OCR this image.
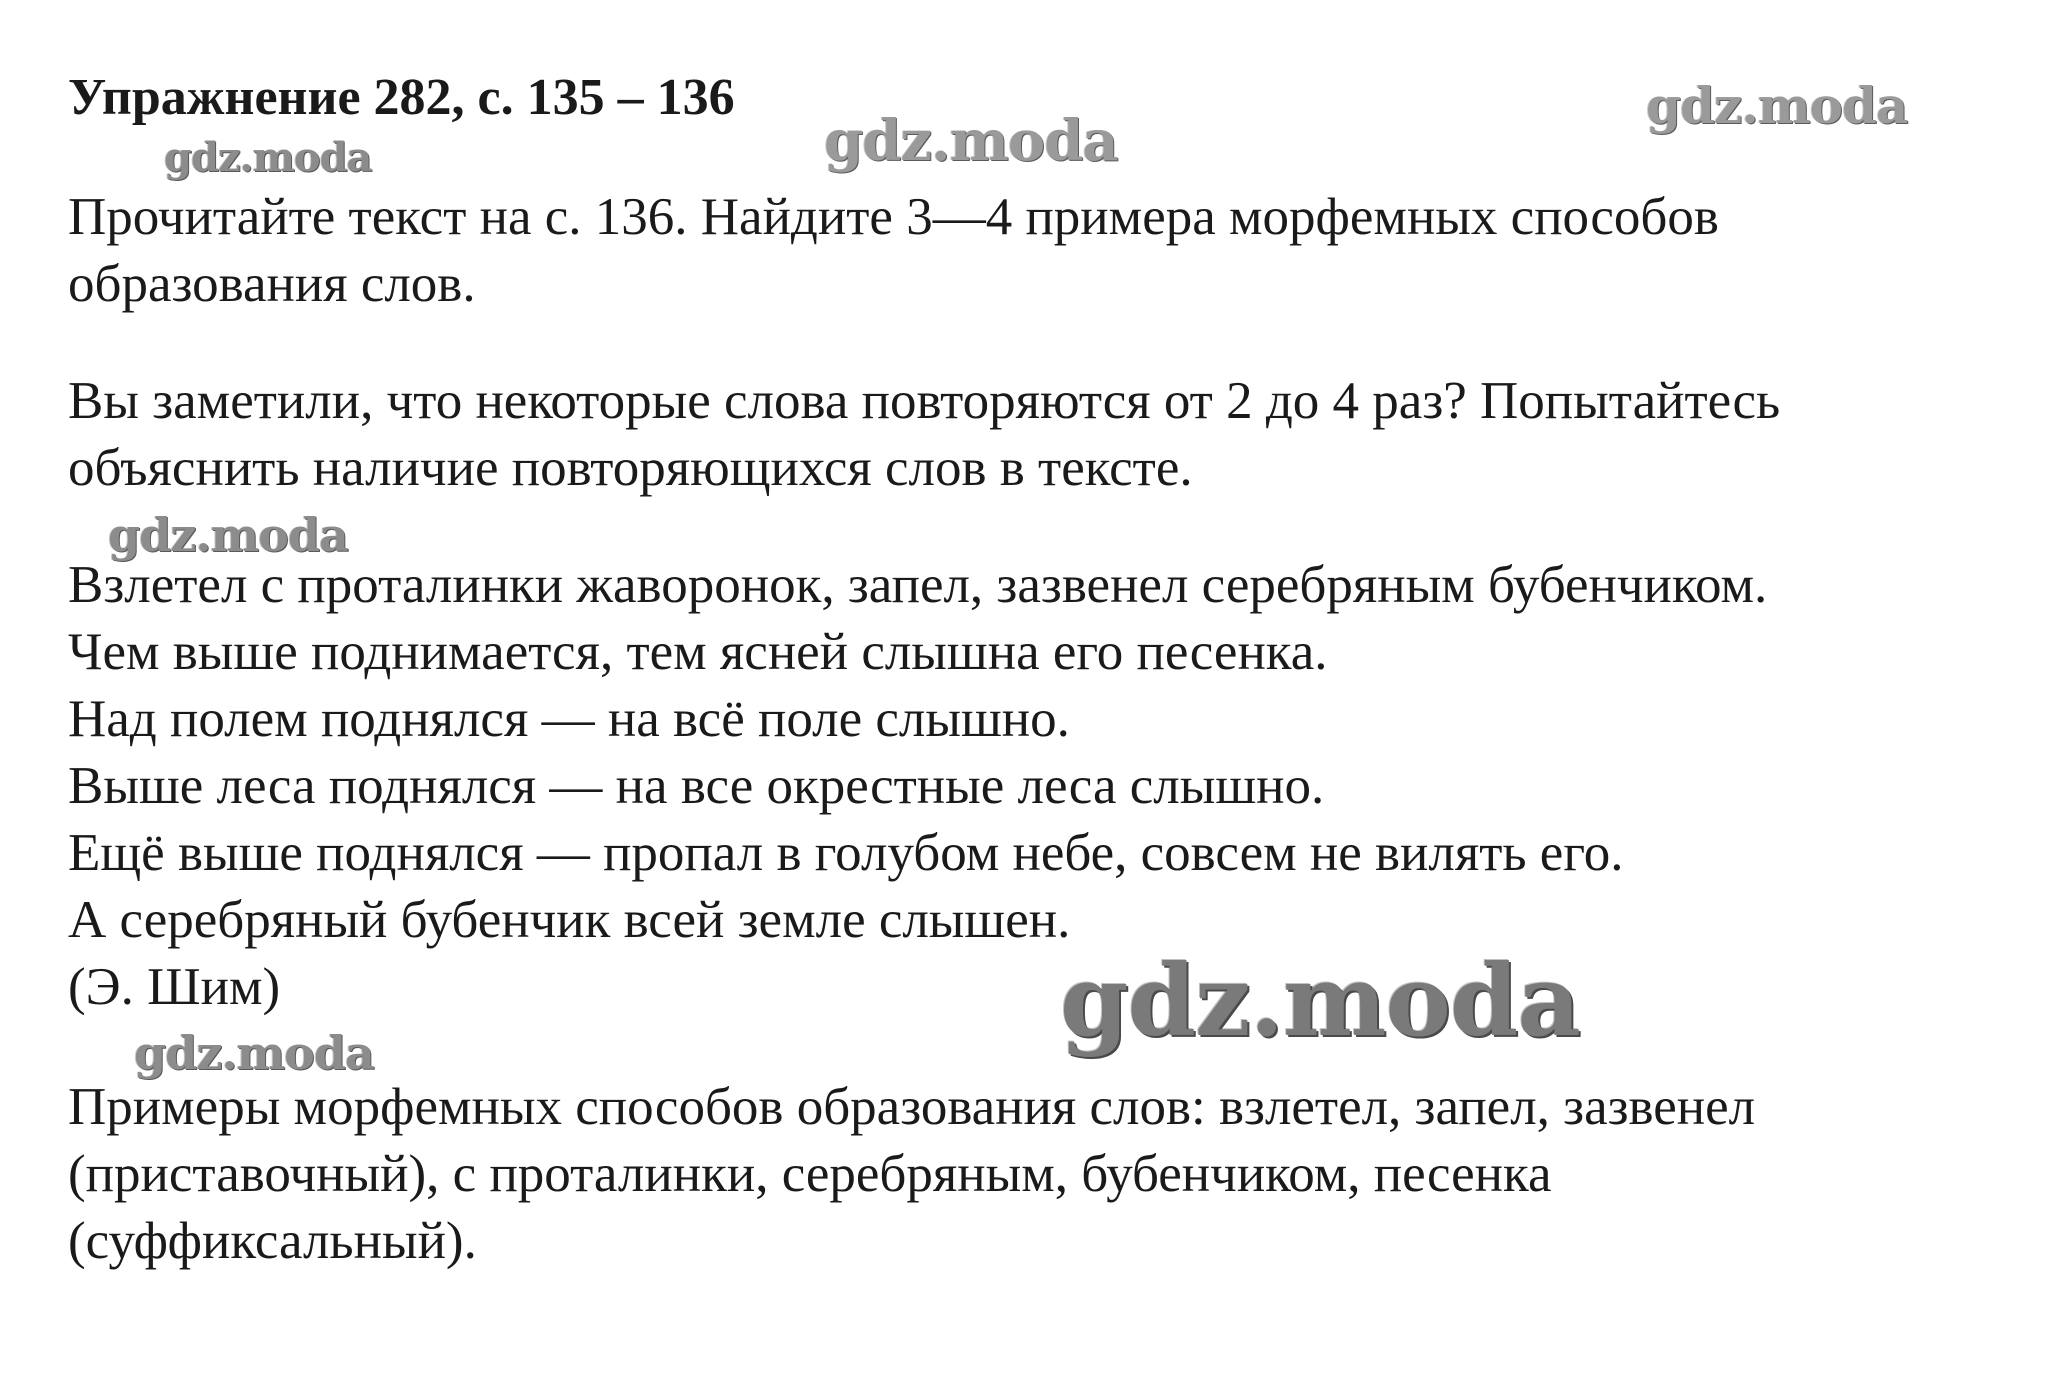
Упражнение 282, с. 135 – 136
Прочитайте текст на с. 136. Найдите 3—4 примера морфемных способов
образования слов.
Вы заметили, что некоторые слова повторяются от 2 до 4 раз? Попытайтесь
объяснить наличие повторяющихся слов в тексте.
Взлетел с проталинки жаворонок, запел, зазвенел серебряным бубенчиком.
Чем выше поднимается, тем ясней слышна его песенка.
Над полем поднялся — на всё поле слышно.
Выше леса поднялся — на все окрестные леса слышно.
Ещё выше поднялся — пропал в голубом небе, совсем не вилять его.
А серебряный бубенчик всей земле слышен.
(Э. Шим)
Примеры морфемных способов образования слов: взлетел, запел, зазвенел
(приставочный), с проталинки, серебряным, бубенчиком, песенка
(суффиксальный).
gdz.moda	gdz.moda
gdz.moda
gdz.moda
gdz.moda
gdz.moda
